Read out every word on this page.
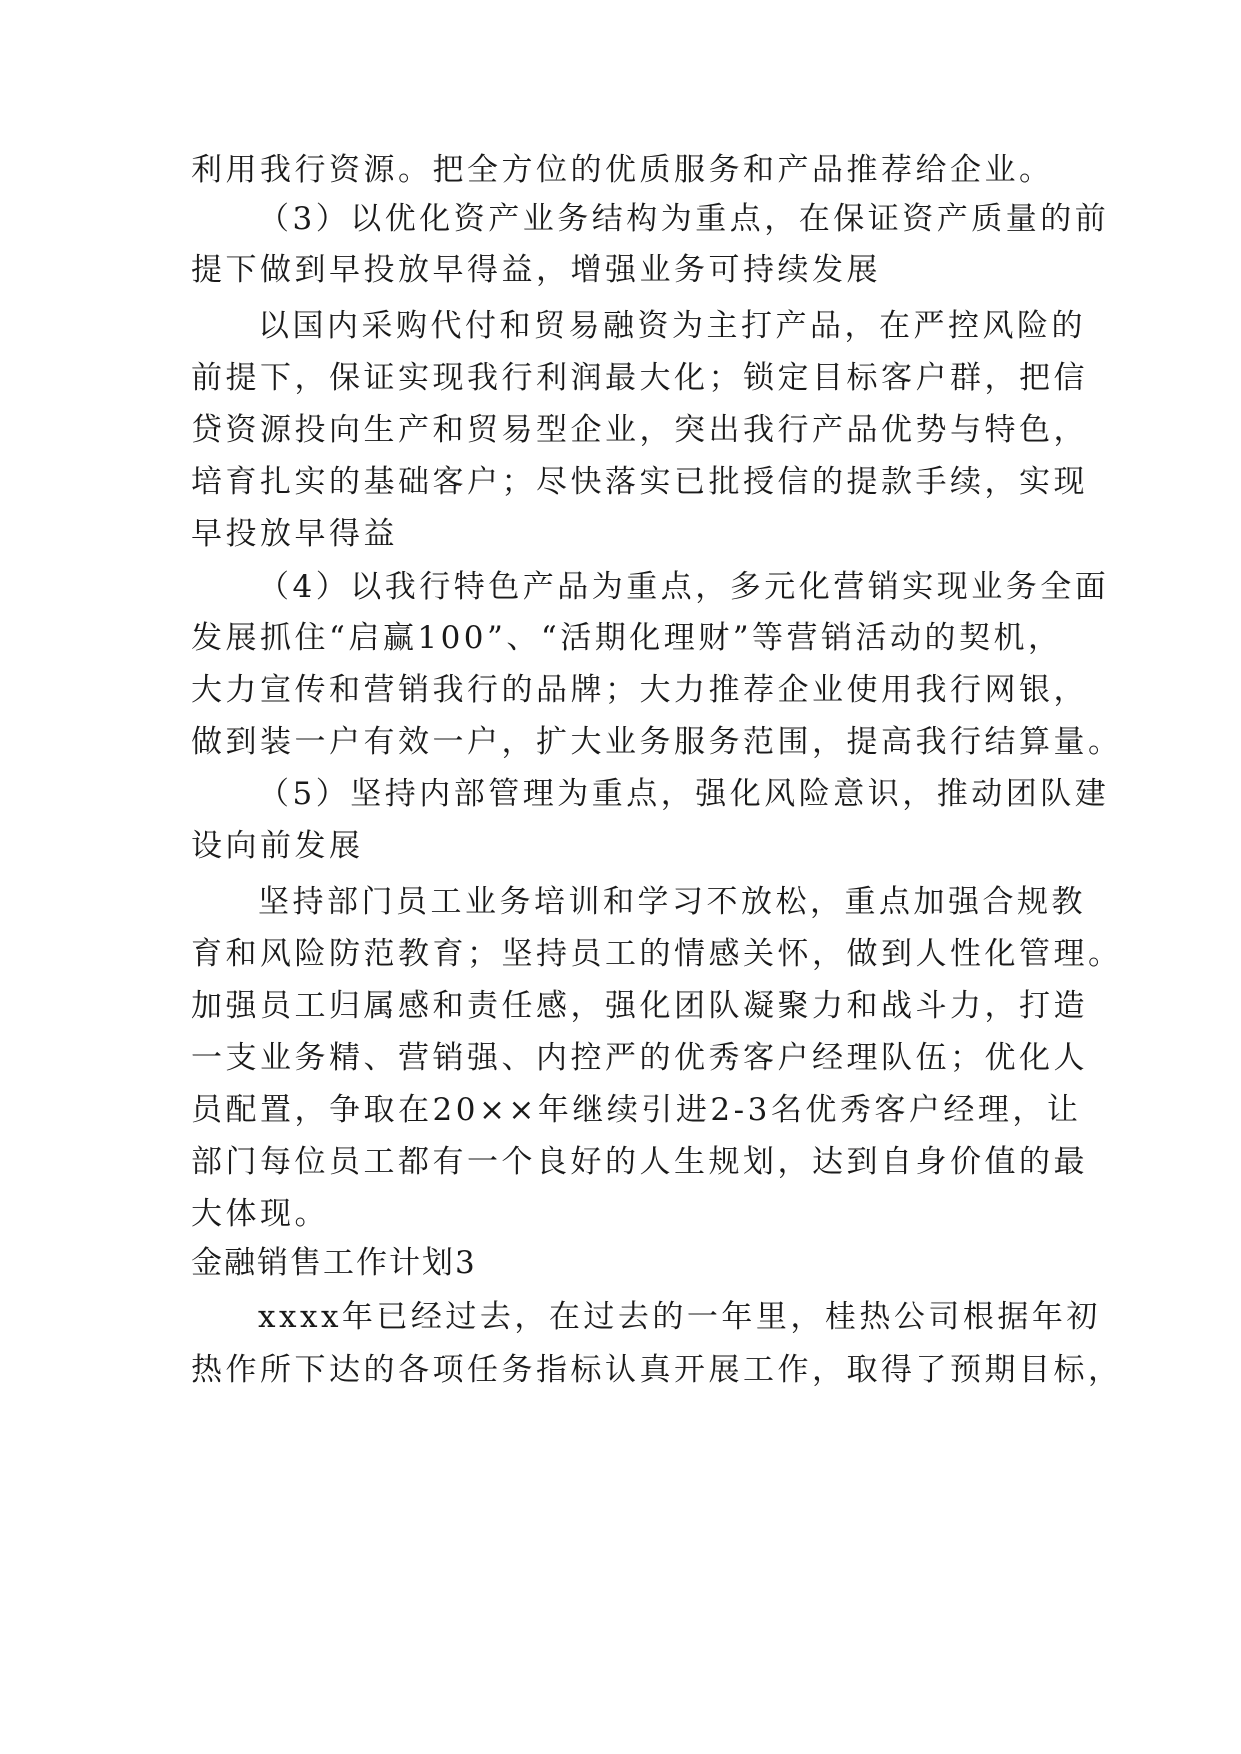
利用我行资源。把全方位的优质服务和产品推荐给企业。

（3）以优化资产业务结构为重点，在保证资产质量的前

提下做到早投放早得益，增强业务可持续发展

以国内采购代付和贸易融资为主打产品，在严控风险的

前提下，保证实现我行利润最大化；锁定目标客户群，把信

贷资源投向生产和贸易型企业，突出我行产品优势与特色，

培育扎实的基础客户；尽快落实已批授信的提款手续，实现

早投放早得益

（4）以我行特色产品为重点，多元化营销实现业务全面

发展抓住“启赢100”、“活期化理财”等营销活动的契机，

大力宣传和营销我行的品牌；大力推荐企业使用我行网银，

做到装一户有效一户，扩大业务服务范围，提高我行结算量。

（5）坚持内部管理为重点，强化风险意识，推动团队建

设向前发展

坚持部门员工业务培训和学习不放松，重点加强合规教

育和风险防范教育；坚持员工的情感关怀，做到人性化管理。

加强员工归属感和责任感，强化团队凝聚力和战斗力，打造

一支业务精、营销强、内控严的优秀客户经理队伍；优化人

员配置，争取在20××年继续引进2-3名优秀客户经理，让

部门每位员工都有一个良好的人生规划，达到自身价值的最

大体现。

金融销售工作计划3

xxxx年已经过去，在过去的一年里，桂热公司根据年初

热作所下达的各项任务指标认真开展工作，取得了预期目标，
